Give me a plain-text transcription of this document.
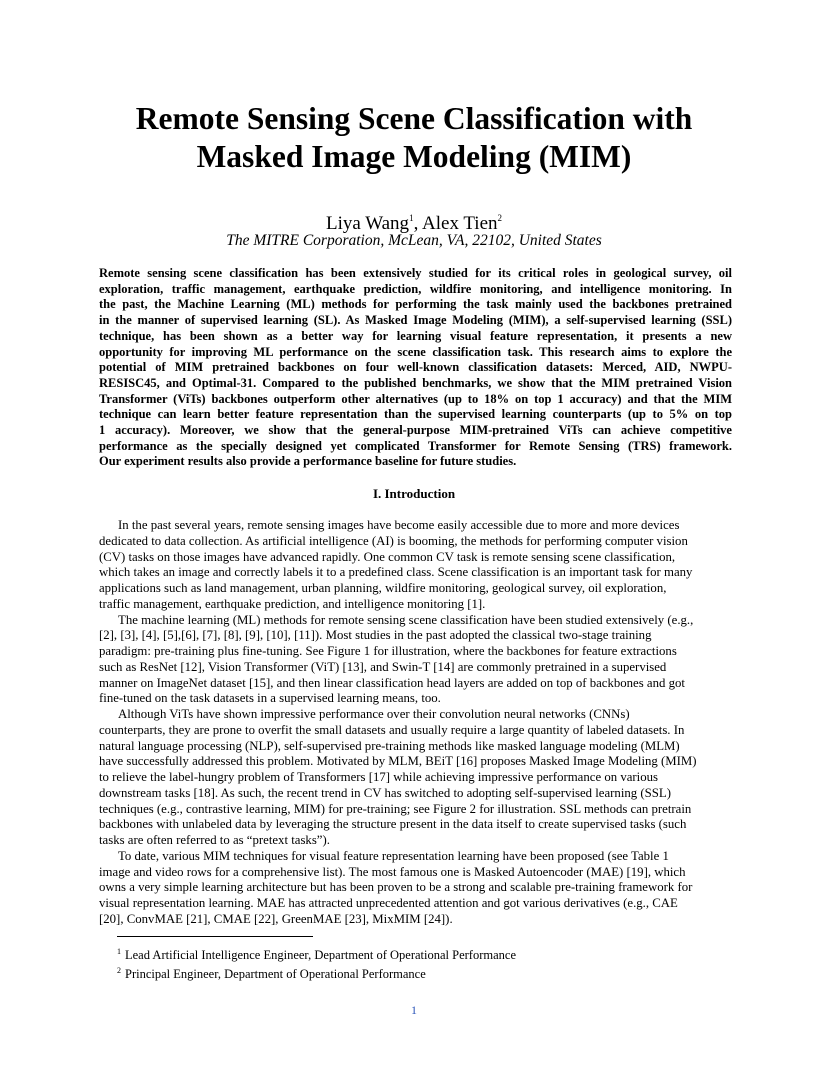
Remote Sensing Scene Classification with
Masked Image Modeling (MIM)
Liya Wang$^1$, Alex Tien$^2$
The MITRE Corporation, McLean, VA, 22102, United States
Remote sensing scene classification has been extensively studied for its critical roles in geological survey, oil
exploration, traffic management, earthquake prediction, wildfire monitoring, and intelligence monitoring. In
the past, the Machine Learning (ML) methods for performing the task mainly used the backbones pretrained
in the manner of supervised learning (SL). As Masked Image Modeling (MIM), a self-supervised learning (SSL)
technique, has been shown as a better way for learning visual feature representation, it presents a new
opportunity for improving ML performance on the scene classification task. This research aims to explore the
potential of MIM pretrained backbones on four well-known classification datasets: Merced, AID, NWPU-
RESISC45, and Optimal-31. Compared to the published benchmarks, we show that the MIM pretrained Vision
Transformer (ViTs) backbones outperform other alternatives (up to 18% on top 1 accuracy) and that the MIM
technique can learn better feature representation than the supervised learning counterparts (up to 5% on top
1 accuracy). Moreover, we show that the general-purpose MIM-pretrained ViTs can achieve competitive
performance as the specially designed yet complicated Transformer for Remote Sensing (TRS) framework.
Our experiment results also provide a performance baseline for future studies.
I. Introduction
In the past several years, remote sensing images have become easily accessible due to more and more devices
dedicated to data collection. As artificial intelligence (AI) is booming, the methods for performing computer vision
(CV) tasks on those images have advanced rapidly. One common CV task is remote sensing scene classification,
which takes an image and correctly labels it to a predefined class. Scene classification is an important task for many
applications such as land management, urban planning, wildfire monitoring, geological survey, oil exploration,
traffic management, earthquake prediction, and intelligence monitoring [1].
The machine learning (ML) methods for remote sensing scene classification have been studied extensively (e.g.,
[2], [3], [4], [5],[6], [7], [8], [9], [10], [11]). Most studies in the past adopted the classical two-stage training
paradigm: pre-training plus fine-tuning. See Figure 1 for illustration, where the backbones for feature extractions
such as ResNet [12], Vision Transformer (ViT) [13], and Swin-T [14] are commonly pretrained in a supervised
manner on ImageNet dataset [15], and then linear classification head layers are added on top of backbones and got
fine-tuned on the task datasets in a supervised learning means, too.
Although ViTs have shown impressive performance over their convolution neural networks (CNNs)
counterparts, they are prone to overfit the small datasets and usually require a large quantity of labeled datasets. In
natural language processing (NLP), self-supervised pre-training methods like masked language modeling (MLM)
have successfully addressed this problem. Motivated by MLM, BEiT [16] proposes Masked Image Modeling (MIM)
to relieve the label-hungry problem of Transformers [17] while achieving impressive performance on various
downstream tasks [18]. As such, the recent trend in CV has switched to adopting self-supervised learning (SSL)
techniques (e.g., contrastive learning, MIM) for pre-training; see Figure 2 for illustration. SSL methods can pretrain
backbones with unlabeled data by leveraging the structure present in the data itself to create supervised tasks (such
tasks are often referred to as “pretext tasks”).
To date, various MIM techniques for visual feature representation learning have been proposed (see Table 1
image and video rows for a comprehensive list). The most famous one is Masked Autoencoder (MAE) [19], which
owns a very simple learning architecture but has been proven to be a strong and scalable pre-training framework for
visual representation learning. MAE has attracted unprecedented attention and got various derivatives (e.g., CAE
[20], ConvMAE [21], CMAE [22], GreenMAE [23], MixMIM [24]).
$^1$ Lead Artificial Intelligence Engineer, Department of Operational Performance
$^2$ Principal Engineer, Department of Operational Performance
1
